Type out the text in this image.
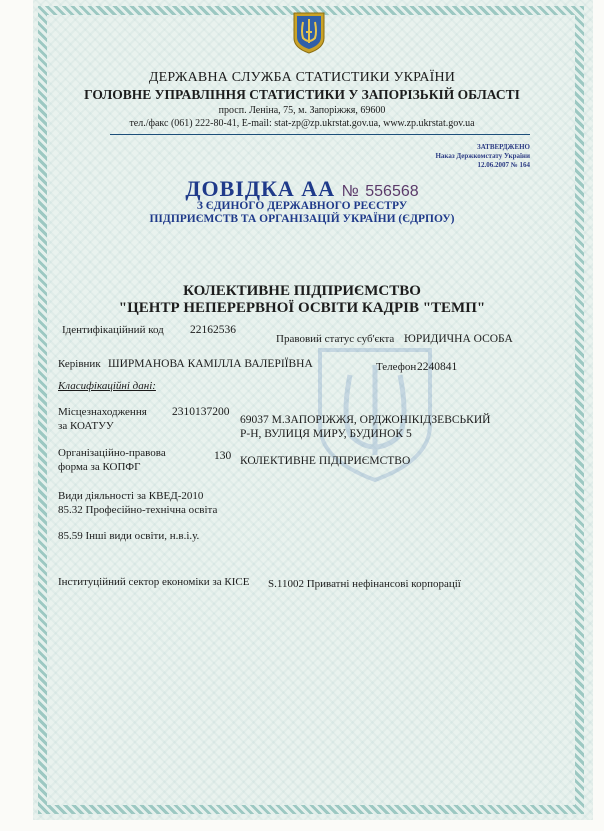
ДЕРЖАВНА СЛУЖБА СТАТИСТИКИ УКРАЇНИ
ГОЛОВНЕ УПРАВЛІННЯ СТАТИСТИКИ У ЗАПОРІЗЬКІЙ ОБЛАСТІ
просп. Леніна, 75, м. Запоріжжя, 69600
тел./факс (061) 222-80-41, E-mail: stat-zp@zp.ukrstat.gov.ua, www.zp.ukrstat.gov.ua
ЗАТВЕРДЖЕНО
Наказ Держкомстату України
12.06.2007 № 164
ДОВІДКА АА № 556568
З ЄДИНОГО ДЕРЖАВНОГО РЕЄСТРУ
ПІДПРИЄМСТВ ТА ОРГАНІЗАЦІЙ УКРАЇНИ (ЄДРПОУ)
КОЛЕКТИВНЕ ПІДПРИЄМСТВО
"ЦЕНТР НЕПЕРЕРВНОЇ ОСВІТИ КАДРІВ "ТЕМП"
Ідентифікаційний код 22162536
Правовий статус суб'єкта ЮРИДИЧНА ОСОБА
Керівник ШИРМАНОВА КАМІЛЛА ВАЛЕРІЇВНА	Телефон 2240841
Класифікаційні дані:
Місцезнаходження
за КОАТУУ
2310137200
69037 М.ЗАПОРІЖЖЯ, ОРДЖОНІКІДЗЕВСЬКИЙ
Р-Н, ВУЛИЦЯ МИРУ, БУДИНОК 5
Організаційно-правова
форма за КОПФГ
130 КОЛЕКТИВНЕ ПІДПРИЄМСТВО
Види діяльності за КВЕД-2010
85.32 Професійно-технічна освіта
85.59 Інші види освіти, н.в.і.у.
Інституційний сектор економіки за КІСЕ S.11002 Приватні нефінансові корпорації
